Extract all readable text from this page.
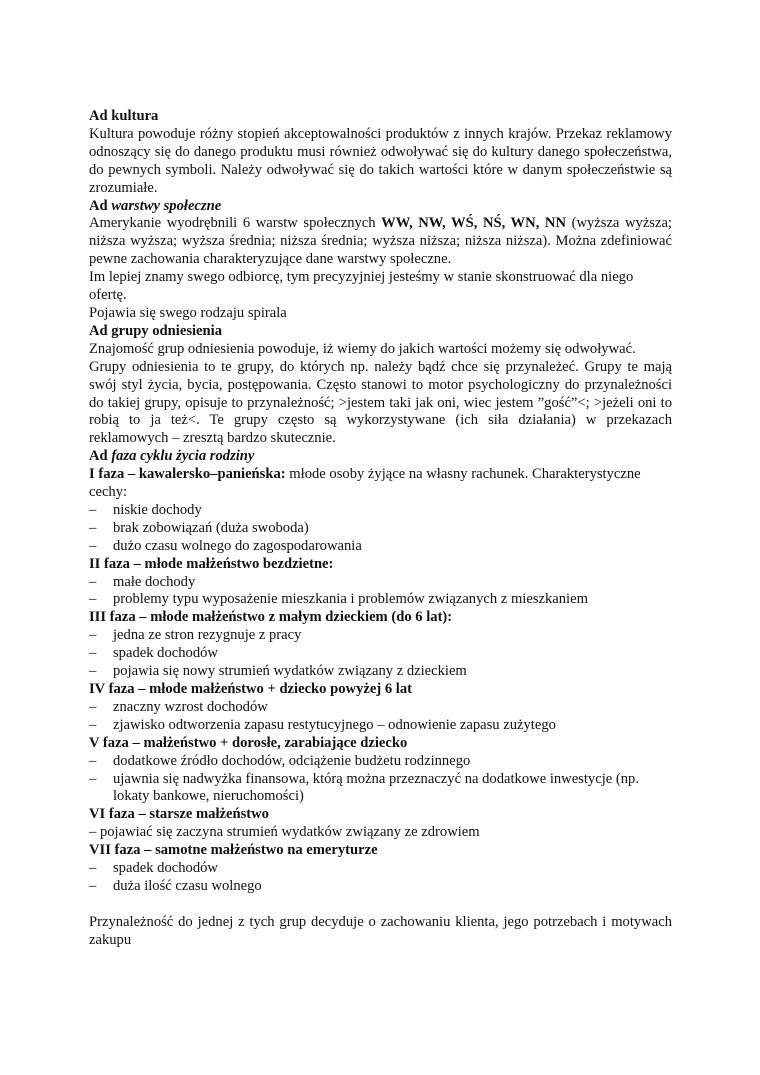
Ad kultura

Kultura powoduje różny stopień akceptowalności produktów z innych krajów. Przekaz reklamowy odnoszący się do danego produktu musi również odwoływać się do kultury danego społeczeństwa, do pewnych symboli. Należy odwoływać się do takich wartości które w danym społeczeństwie są zrozumiałe.

Ad warstwy społeczne

Amerykanie wyodrębnili 6 warstw społecznych WW, NW, WŚ, NŚ, WN, NN (wyższa wyższa; niższa wyższa; wyższa średnia; niższa średnia; wyższa niższa; niższa niższa). Można zdefiniować pewne zachowania charakteryzujące dane warstwy społeczne.

Im lepiej znamy swego odbiorcę, tym precyzyjniej jesteśmy w stanie skonstruować dla niego ofertę.

Pojawia się swego rodzaju spirala

Ad grupy odniesienia

Znajomość grup odniesienia powoduje, iż wiemy do jakich wartości możemy się odwoływać.

Grupy odniesienia to te grupy, do których np. należy bądź chce się przynależeć. Grupy te mają swój styl życia, bycia, postępowania. Często stanowi to motor psychologiczny do przynależności do takiej grupy, opisuje to przynależność; >jestem taki jak oni, wiec jestem ”gość”<; >jeżeli oni to robią to ja też<. Te grupy często są wykorzystywane (ich siła działania) w przekazach reklamowych – zresztą bardzo skutecznie.

Ad faza cyklu życia rodziny

I faza – kawalersko–panieńska: młode osoby żyjące na własny rachunek. Charakterystyczne cechy:

– niskie dochody
– brak zobowiązań (duża swoboda)
– dużo czasu wolnego do zagospodarowania

II faza – młode małżeństwo bezdzietne:

– małe dochody
– problemy typu wyposażenie mieszkania i problemów związanych z mieszkaniem

III faza – młode małżeństwo z małym dzieckiem (do 6 lat):

– jedna ze stron rezygnuje z pracy
– spadek dochodów
– pojawia się nowy strumień wydatków związany z dzieckiem

IV faza – młode małżeństwo + dziecko powyżej 6 lat

– znaczny wzrost dochodów
– zjawisko odtworzenia zapasu restytucyjnego – odnowienie zapasu zużytego

V faza – małżeństwo + dorosłe, zarabiające dziecko

– dodatkowe źródło dochodów, odciążenie budżetu rodzinnego
– ujawnia się nadwyżka finansowa, którą można przeznaczyć na dodatkowe inwestycje (np. lokaty bankowe, nieruchomości)

VI faza – starsze małżeństwo

– pojawiać się zaczyna strumień wydatków związany ze zdrowiem

VII faza – samotne małżeństwo na emeryturze

– spadek dochodów
– duża ilość czasu wolnego

Przynależność do jednej z tych grup decyduje o zachowaniu klienta, jego potrzebach i motywach zakupu
